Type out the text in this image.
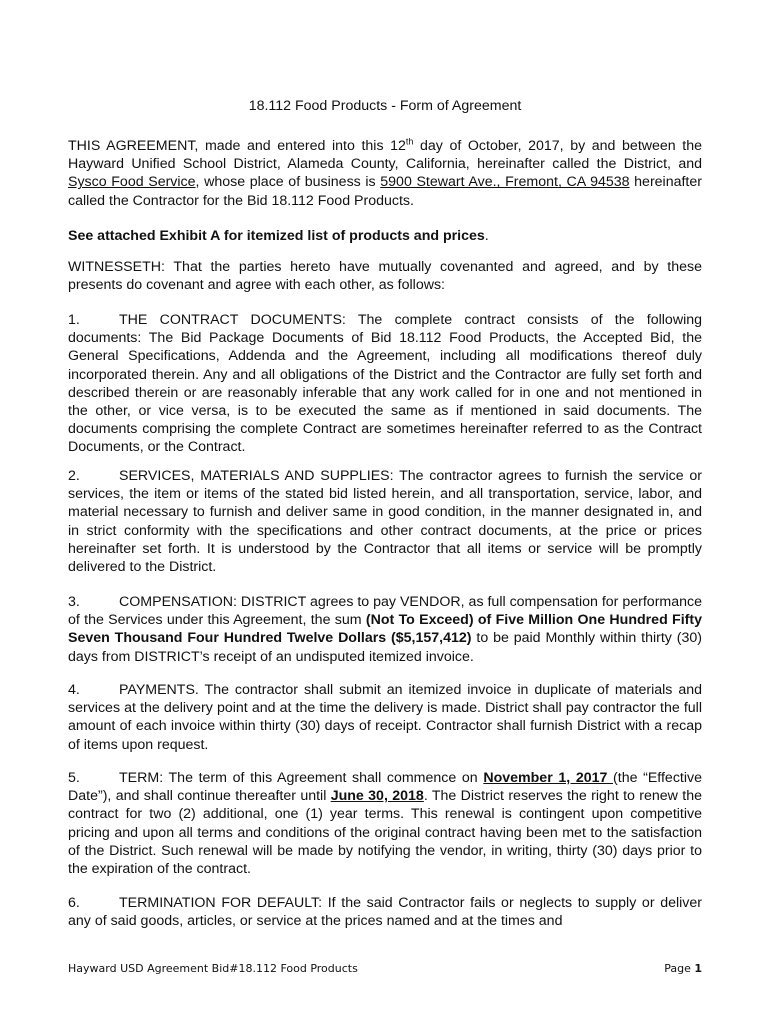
18.112 Food Products - Form of Agreement

THIS AGREEMENT, made and entered into this 12th day of October, 2017, by and between the Hayward Unified School District, Alameda County, California, hereinafter called the District, and Sysco Food Service, whose place of business is 5900 Stewart Ave., Fremont, CA 94538 hereinafter called the Contractor for the Bid 18.112 Food Products.

See attached Exhibit A for itemized list of products and prices.

WITNESSETH: That the parties hereto have mutually covenanted and agreed, and by these presents do covenant and agree with each other, as follows:

1.	THE CONTRACT DOCUMENTS: The complete contract consists of the following documents: The Bid Package Documents of Bid 18.112 Food Products, the Accepted Bid, the General Specifications, Addenda and the Agreement, including all modifications thereof duly incorporated therein. Any and all obligations of the District and the Contractor are fully set forth and described therein or are reasonably inferable that any work called for in one and not mentioned in the other, or vice versa, is to be executed the same as if mentioned in said documents. The documents comprising the complete Contract are sometimes hereinafter referred to as the Contract Documents, or the Contract.

2.	SERVICES, MATERIALS AND SUPPLIES: The contractor agrees to furnish the service or services, the item or items of the stated bid listed herein, and all transportation, service, labor, and material necessary to furnish and deliver same in good condition, in the manner designated in, and in strict conformity with the specifications and other contract documents, at the price or prices hereinafter set forth. It is understood by the Contractor that all items or service will be promptly delivered to the District.

3.	COMPENSATION: DISTRICT agrees to pay VENDOR, as full compensation for performance of the Services under this Agreement, the sum (Not To Exceed) of Five Million One Hundred Fifty Seven Thousand Four Hundred Twelve Dollars ($5,157,412) to be paid Monthly within thirty (30) days from DISTRICT’s receipt of an undisputed itemized invoice.

4.	PAYMENTS. The contractor shall submit an itemized invoice in duplicate of materials and services at the delivery point and at the time the delivery is made. District shall pay contractor the full amount of each invoice within thirty (30) days of receipt. Contractor shall furnish District with a recap of items upon request.

5.	TERM: The term of this Agreement shall commence on November 1, 2017 (the “Effective Date”), and shall continue thereafter until June 30, 2018. The District reserves the right to renew the contract for two (2) additional, one (1) year terms. This renewal is contingent upon competitive pricing and upon all terms and conditions of the original contract having been met to the satisfaction of the District. Such renewal will be made by notifying the vendor, in writing, thirty (30) days prior to the expiration of the contract.

6.	TERMINATION FOR DEFAULT: If the said Contractor fails or neglects to supply or deliver any of said goods, articles, or service at the prices named and at the times and

Hayward USD Agreement Bid#18.112 Food Products	Page 1
